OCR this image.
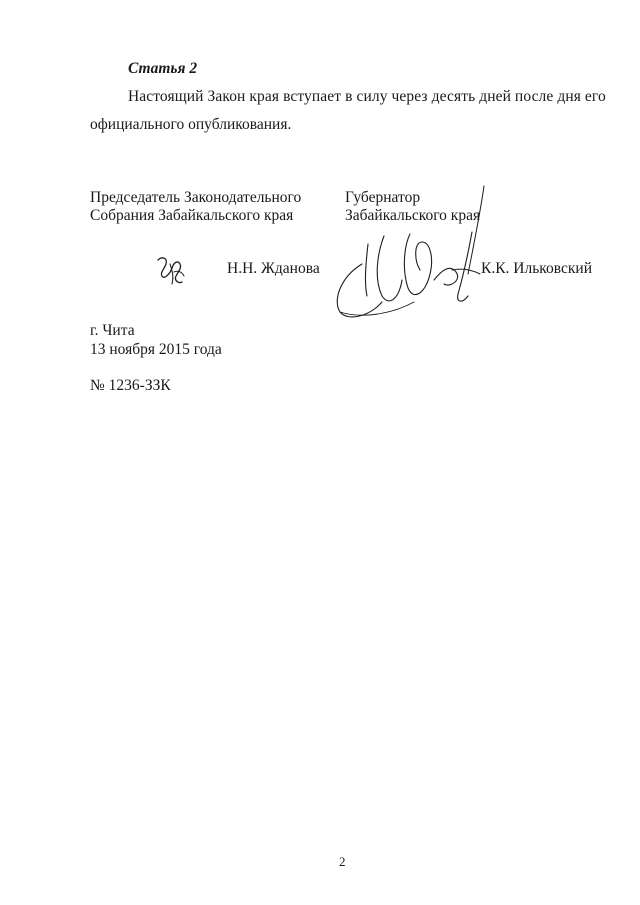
Статья 2
Настоящий Закон края вступает в силу через десять дней после дня его
официального опубликования.
Председатель Законодательного
Собрания Забайкальского края
Губернатор
Забайкальского края
Н.Н. Жданова	К.К. Ильковский
г. Чита
13 ноября 2015 года
№ 1236-ЗЗК
2
